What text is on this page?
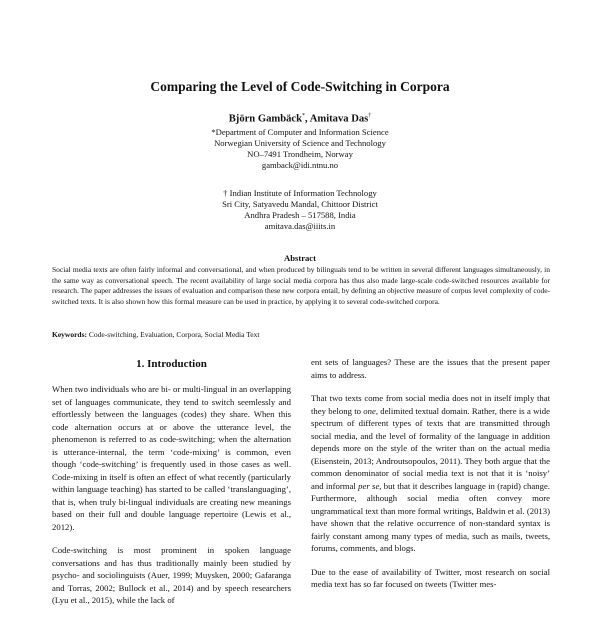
Comparing the Level of Code-Switching in Corpora
Björn Gambäck*, Amitava Das†
*Department of Computer and Information Science
Norwegian University of Science and Technology
NO–7491 Trondheim, Norway
gamback@idi.ntnu.no
† Indian Institute of Information Technology
Sri City, Satyavedu Mandal, Chittoor District
Andhra Pradesh – 517588, India
amitava.das@iiits.in
Abstract
Social media texts are often fairly informal and conversational, and when produced by bilinguals tend to be written in several different languages simultaneously, in the same way as conversational speech. The recent availability of large social media corpora has thus also made large-scale code-switched resources available for research. The paper addresses the issues of evaluation and comparison these new corpora entail, by defining an objective measure of corpus level complexity of code-switched texts. It is also shown how this formal measure can be used in practice, by applying it to several code-switched corpora.
Keywords: Code-switching, Evaluation, Corpora, Social Media Text
1. Introduction

When two individuals who are bi- or multi-lingual in an overlapping set of languages communicate, they tend to switch seemlessly and effortlessly between the languages (codes) they share. When this code alternation occurs at or above the utterance level, the phenomenon is referred to as code-switching; when the alternation is utterance-internal, the term ‘code-mixing’ is common, even though ‘code-switching’ is frequently used in those cases as well. Code-mixing in itself is often an effect of what recently (particularly within language teaching) has started to be called ‘translanguaging’, that is, when truly bi-lingual individuals are creating new meanings based on their full and double language repertoire (Lewis et al., 2012).

Code-switching is most prominent in spoken language conversations and has thus traditionally mainly been studied by psycho- and sociolinguists (Auer, 1999; Muysken, 2000; Gafaranga and Torras, 2002; Bullock et al., 2014) and by speech researchers (Lyu et al., 2015), while the lack of

ent sets of languages? These are the issues that the present paper aims to address.

That two texts come from social media does not in itself imply that they belong to one, delimited textual domain. Rather, there is a wide spectrum of different types of texts that are transmitted through social media, and the level of formality of the language in addition depends more on the style of the writer than on the actual media (Eisenstein, 2013; Androutsopoulos, 2011). They both argue that the common denominator of social media text is not that it is ‘noisy’ and informal per se, but that it describes language in (rapid) change. Furthermore, although social media often convey more ungrammatical text than more formal writings, Baldwin et al. (2013) have shown that the relative occurrence of non-standard syntax is fairly constant among many types of media, such as mails, tweets, forums, comments, and blogs.

Due to the ease of availability of Twitter, most research on social media text has so far focused on tweets (Twitter mes-
